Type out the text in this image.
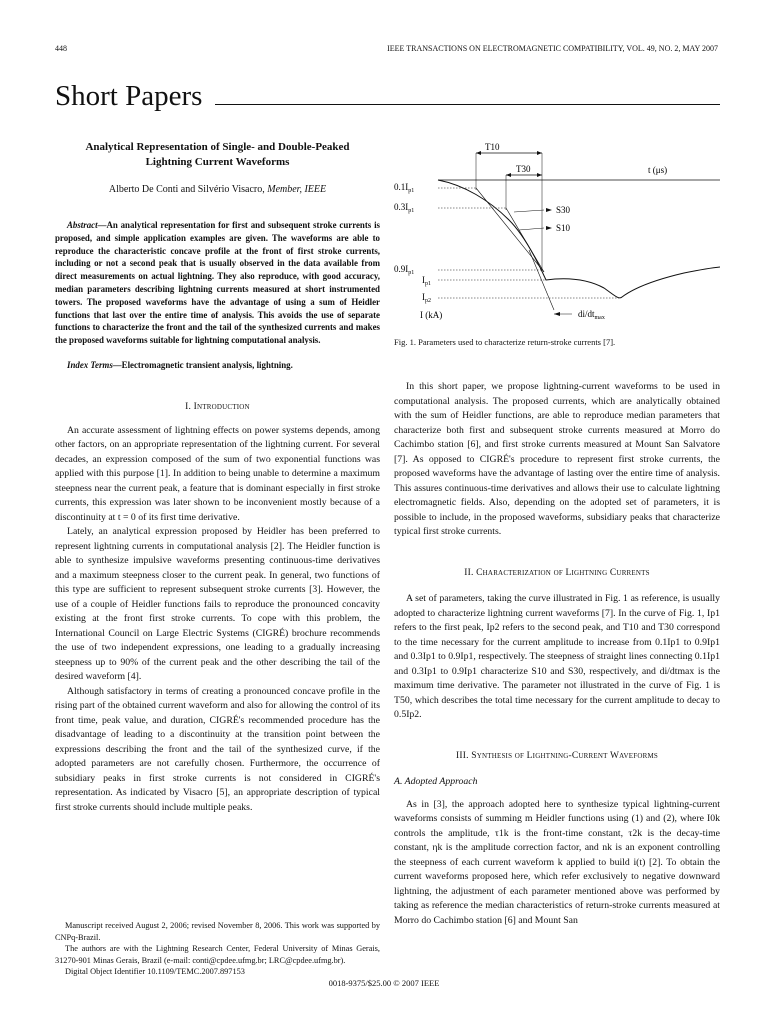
448	IEEE TRANSACTIONS ON ELECTROMAGNETIC COMPATIBILITY, VOL. 49, NO. 2, MAY 2007
Short Papers

Analytical Representation of Single- and Double-Peaked
Lightning Current Waveforms

Alberto De Conti and Silvério Visacro, Member, IEEE

Abstract—An analytical representation for first and subsequent stroke currents is proposed, and simple application examples are given. The waveforms are able to reproduce the characteristic concave profile at the front of first stroke currents, including or not a second peak that is usually observed in the data available from direct measurements on actual lightning. They also reproduce, with good accuracy, median parameters describing lightning currents measured at short instrumented towers. The proposed waveforms have the advantage of using a sum of Heidler functions that last over the entire time of analysis. This avoids the use of separate functions to characterize the front and the tail of the synthesized currents and makes the proposed waveforms suitable for lightning computational analysis.

Index Terms—Electromagnetic transient analysis, lightning.

I. Introduction

An accurate assessment of lightning effects on power systems depends, among other factors, on an appropriate representation of the lightning current. For several decades, an expression composed of the sum of two exponential functions was applied with this purpose [1]. In addition to being unable to determine a maximum steepness near the current peak, a feature that is dominant especially in first stroke currents, this expression was later shown to be inconvenient mostly because of a discontinuity at t = 0 of its first time derivative.

Lately, an analytical expression proposed by Heidler has been preferred to represent lightning currents in computational analysis [2]. The Heidler function is able to synthesize impulsive waveforms presenting continuous-time derivatives and a maximum steepness closer to the current peak. In general, two functions of this type are sufficient to represent subsequent stroke currents [3]. However, the use of a couple of Heidler functions fails to reproduce the pronounced concavity existing at the front first stroke currents. To cope with this problem, the International Council on Large Electric Systems (CIGRÉ) brochure recommends the use of two independent expressions, one leading to a gradually increasing steepness up to 90% of the current peak and the other describing the tail of the desired waveform [4].

Although satisfactory in terms of creating a pronounced concave profile in the rising part of the obtained current waveform and also for allowing the control of its front time, peak value, and duration, CIGRÉ's recommended procedure has the disadvantage of leading to a discontinuity at the transition point between the expressions describing the front and the tail of the synthesized curve, if the adopted parameters are not carefully chosen. Furthermore, the occurrence of subsidiary peaks in first stroke currents is not considered in CIGRÉ's representation. As indicated by Visacro [5], an appropriate description of typical first stroke currents should include multiple peaks.

Manuscript received August 2, 2006; revised November 8, 2006. This work was supported by CNPq-Brazil.

The authors are with the Lightning Research Center, Federal University of Minas Gerais, 31270-901 Minas Gerais, Brazil (e-mail: conti@cpdee.ufmg.br; LRC@cpdee.ufmg.br).

Digital Object Identifier 10.1109/TEMC.2007.897153

T10
T30	t (μs)
$0.1I_{p1}$
$0.3I_{p1}$
$0.9I_{p1}$
$I_{p1}$
$I_{p2}$
I (kA)
S30
S10
$di/dt_{max}$
Fig. 1. Parameters used to characterize return-stroke currents [7].

In this short paper, we propose lightning-current waveforms to be used in computational analysis. The proposed currents, which are analytically obtained with the sum of Heidler functions, are able to reproduce median parameters that characterize both first and subsequent stroke currents measured at Morro do Cachimbo station [6], and first stroke currents measured at Mount San Salvatore [7]. As opposed to CIGRÉ's procedure to represent first stroke currents, the proposed waveforms have the advantage of lasting over the entire time of analysis. This assures continuous-time derivatives and allows their use to calculate lightning electromagnetic fields. Also, depending on the adopted set of parameters, it is possible to include, in the proposed waveforms, subsidiary peaks that characterize typical first stroke currents.

II. Characterization of Lightning Currents

A set of parameters, taking the curve illustrated in Fig. 1 as reference, is usually adopted to characterize lightning current waveforms [7]. In the curve of Fig. 1, Ip1 refers to the first peak, Ip2 refers to the second peak, and T10 and T30 correspond to the time necessary for the current amplitude to increase from 0.1Ip1 to 0.9Ip1 and 0.3Ip1 to 0.9Ip1, respectively. The steepness of straight lines connecting 0.1Ip1 and 0.3Ip1 to 0.9Ip1 characterize S10 and S30, respectively, and di/dtmax is the maximum time derivative. The parameter not illustrated in the curve of Fig. 1 is T50, which describes the total time necessary for the current amplitude to decay to 0.5Ip2.

III. Synthesis of Lightning-Current Waveforms
A. Adopted Approach

As in [3], the approach adopted here to synthesize typical lightning-current waveforms consists of summing m Heidler functions using (1) and (2), where I0k controls the amplitude, τ1k is the front-time constant, τ2k is the decay-time constant, ηk is the amplitude correction factor, and nk is an exponent controlling the steepness of each current waveform k applied to build i(t) [2]. To obtain the current waveforms proposed here, which refer exclusively to negative downward lightning, the adjustment of each parameter mentioned above was performed by taking as reference the median characteristics of return-stroke currents measured at Morro do Cachimbo station [6] and Mount San

0018-9375/$25.00 © 2007 IEEE
